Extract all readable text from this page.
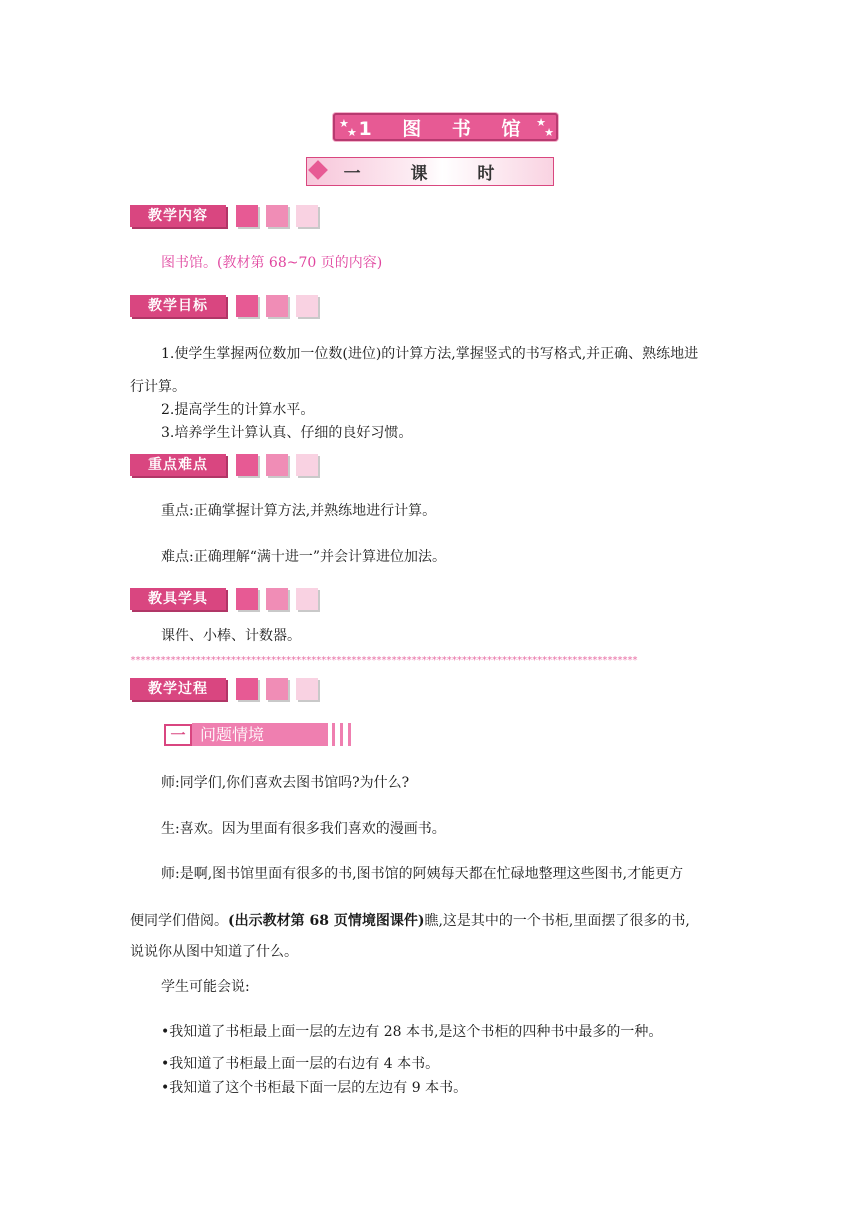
★
★ 1 图 书 馆 ★
★
一 课 时
教学内容
图书馆。(教材第 68~70 页的内容)
教学目标
1.使学生掌握两位数加一位数(进位)的计算方法,掌握竖式的书写格式,并正确、熟练地进
行计算。
2.提高学生的计算水平。
3.培养学生计算认真、仔细的良好习惯。
重点难点
重点:正确掌握计算方法,并熟练地进行计算。
难点:正确理解“满十进一”并会计算进位加法。
教具学具
课件、小棒、计数器。
*****************************************************************************************************
教学过程
一 问题情境
师:同学们,你们喜欢去图书馆吗?为什么?
生:喜欢。因为里面有很多我们喜欢的漫画书。
师:是啊,图书馆里面有很多的书,图书馆的阿姨每天都在忙碌地整理这些图书,才能更方
便同学们借阅。(出示教材第 68 页情境图课件)瞧,这是其中的一个书柜,里面摆了很多的书,
说说你从图中知道了什么。
学生可能会说:
•我知道了书柜最上面一层的左边有 28 本书,是这个书柜的四种书中最多的一种。
•我知道了书柜最上面一层的右边有 4 本书。
•我知道了这个书柜最下面一层的左边有 9 本书。
